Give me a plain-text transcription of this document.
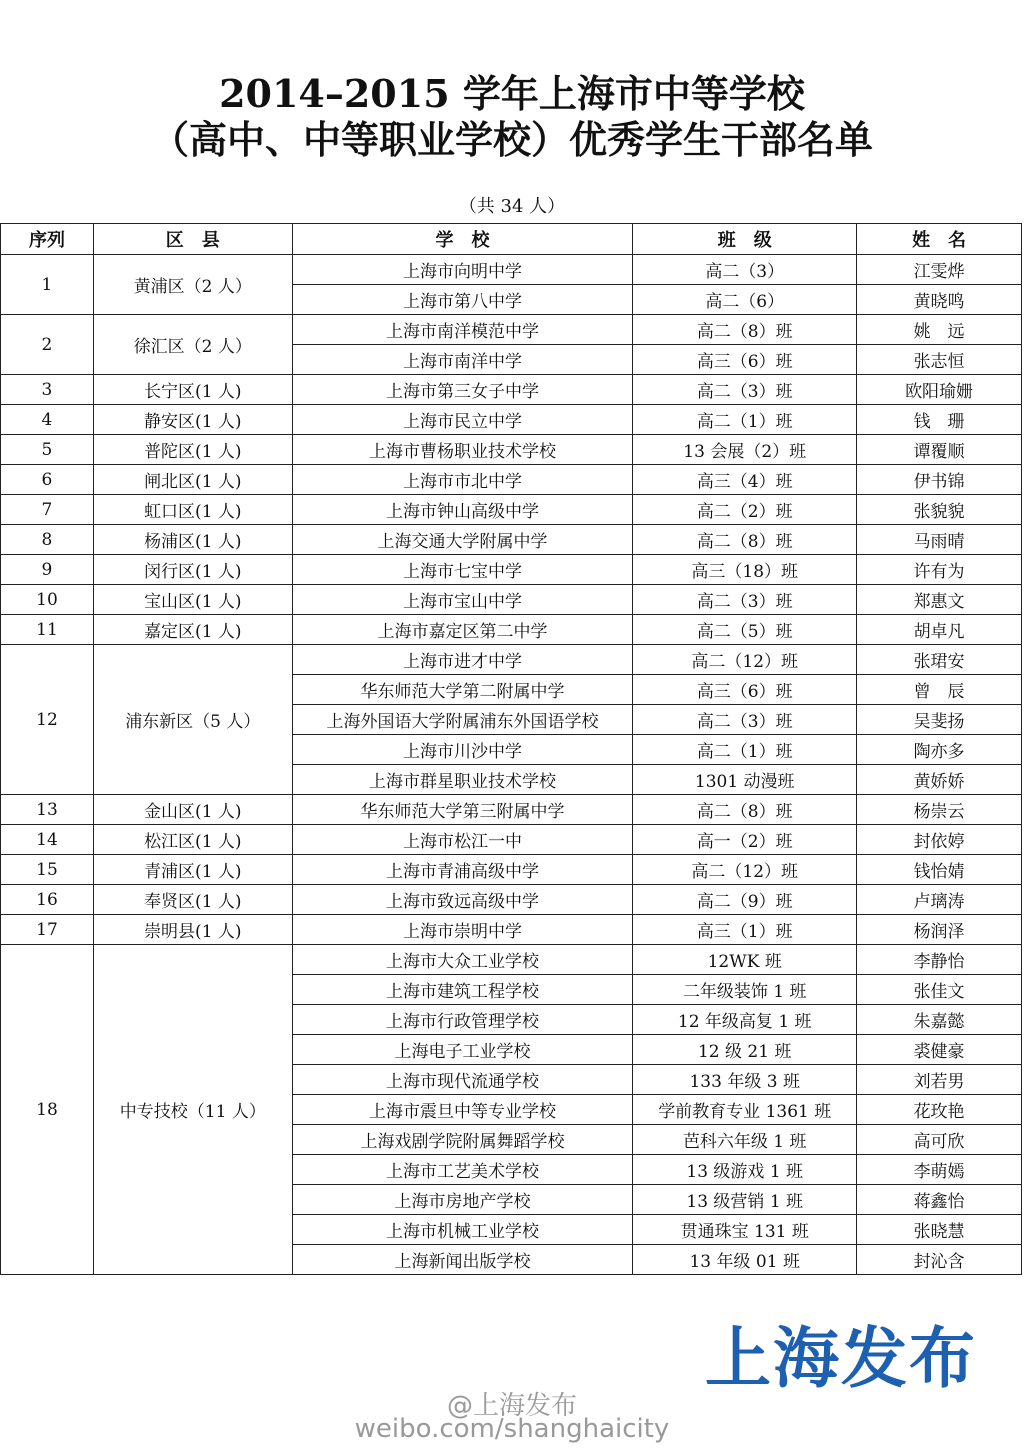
2014–2015 学年上海市中等学校
（高中、中等职业学校）优秀学生干部名单
（共 34 人）
序列	区　县	学　校	班　级	姓　名
1	黄浦区（2 人）	上海市向明中学	高二（3）	江雯烨
		上海市第八中学	高二（6）	黄晓鸣
2	徐汇区（2 人）	上海市南洋模范中学	高二（8）班	姚　远
		上海市南洋中学	高三（6）班	张志恒
3	长宁区(1 人)	上海市第三女子中学	高二（3）班	欧阳瑜姗
4	静安区(1 人)	上海市民立中学	高二（1）班	钱　珊
5	普陀区(1 人)	上海市曹杨职业技术学校	13 会展（2）班	谭覆顺
6	闸北区(1 人)	上海市市北中学	高三（4）班	伊书锦
7	虹口区(1 人)	上海市钟山高级中学	高二（2）班	张貌貌
8	杨浦区(1 人)	上海交通大学附属中学	高二（8）班	马雨晴
9	闵行区(1 人)	上海市七宝中学	高三（18）班	许有为
10	宝山区(1 人)	上海市宝山中学	高二（3）班	郑惠文
11	嘉定区(1 人)	上海市嘉定区第二中学	高二（5）班	胡卓凡
12	浦东新区（5 人）	上海市进才中学	高二（12）班	张珺安
		华东师范大学第二附属中学	高三（6）班	曾　辰
		上海外国语大学附属浦东外国语学校	高二（3）班	吴斐扬
		上海市川沙中学	高二（1）班	陶亦多
		上海市群星职业技术学校	1301 动漫班	黄娇娇
13	金山区(1 人)	华东师范大学第三附属中学	高二（8）班	杨崇云
14	松江区(1 人)	上海市松江一中	高一（2）班	封依婷
15	青浦区(1 人)	上海市青浦高级中学	高二（12）班	钱怡婧
16	奉贤区(1 人)	上海市致远高级中学	高二（9）班	卢璃涛
17	崇明县(1 人)	上海市崇明中学	高三（1）班	杨润泽
18	中专技校（11 人）	上海市大众工业学校	12WK 班	李静怡
		上海市建筑工程学校	二年级装饰 1 班	张佳文
		上海市行政管理学校	12 年级高复 1 班	朱嘉懿
		上海电子工业学校	12 级 21 班	裘健豪
		上海市现代流通学校	133 年级 3 班	刘若男
		上海市震旦中等专业学校	学前教育专业 1361 班	花玫艳
		上海戏剧学院附属舞蹈学校	芭科六年级 1 班	高可欣
		上海市工艺美术学校	13 级游戏 1 班	李萌嫣
		上海市房地产学校	13 级营销 1 班	蒋鑫怡
		上海市机械工业学校	贯通珠宝 131 班	张晓慧
		上海新闻出版学校	13 年级 01 班	封沁含
上海发布
@上海发布
weibo.com/shanghaicity
